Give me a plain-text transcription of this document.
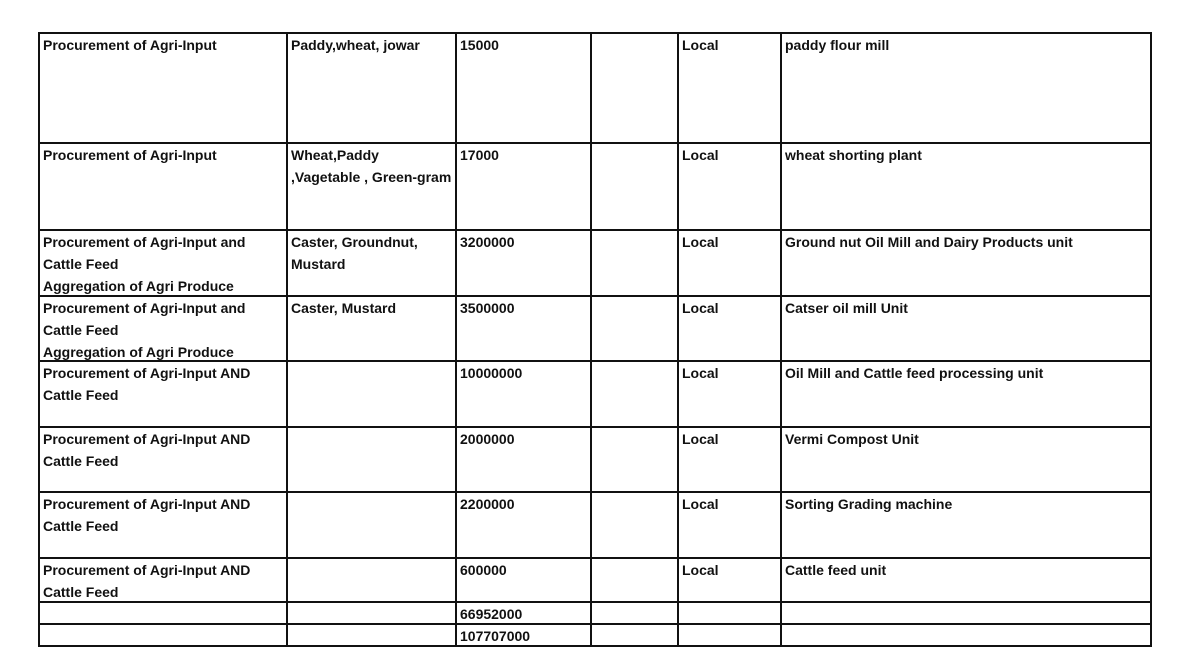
Procurement of Agri-Input	Paddy,wheat, jowar	15000		Local	paddy flour mill

Procurement of Agri-Input	Wheat,Paddy ,Vagetable , Green-gram	17000		Local	wheat shorting plant

Procurement of Agri-Input and Cattle Feed
Aggregation of Agri Produce	Caster, Groundnut, Mustard	3200000		Local	Ground nut Oil Mill and Dairy Products unit

Procurement of Agri-Input and Cattle Feed
Aggregation of Agri Produce	Caster, Mustard	3500000		Local	Catser oil mill Unit

Procurement of Agri-Input AND Cattle Feed		10000000		Local	Oil Mill and Cattle feed processing unit

Procurement of Agri-Input AND Cattle Feed		2000000		Local	Vermi Compost Unit

Procurement of Agri-Input AND Cattle Feed		2200000		Local	Sorting Grading machine

Procurement of Agri-Input AND Cattle Feed		600000		Local	Cattle feed unit

		66952000			

		107707000			
